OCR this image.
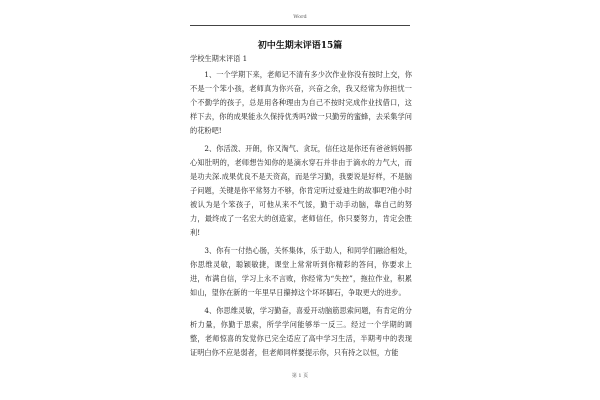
Word
初中生期末评语15篇
学校生期末评语 1

1、一个学期下来，老师记不清有多少次作业你没有按时上交，你不是一个笨小孩，老师真为你兴奋，兴奋之余，我又经常为你担忧一个不勤学的孩子，总是用各种理由为自己不按时完成作业找借口，这样下去，你的成果能永久保持优秀吗?做一只勤劳的蜜蜂，去采集学问的花粉吧!

2、你活泼、开朗，你又淘气、贪玩，信任这是你还有爸爸妈妈都心知肚明的，老师想告知你的是滴水穿石并非由于滴水的力气大，而是功夫深.成果优良不是天资高，而是学习勤，我要说是好样，不是脑子问题，关键是你平常努力不够，你肯定听过爱迪生的故事吧?他小时被认为是个笨孩子，可他从来不气馁，勤于动手动脑，靠自己的努力，最终成了一名宏大的创造家，老师信任，你只要努力，肯定会胜利!

3、你有一付热心肠，关怀集体，乐于助人，和同学们融洽相处，你思维灵敏，聪颖敏捷，课堂上常常听到你精彩的答问，你要求上进，布满自信，学习上永不言败，你经常为“失控”，拖拉作业，积累如山，望你在新的一年里早日攥掉这个坏坏脚石，争取更大的进步。

4、你思维灵敏，学习勤奋，喜爱开动脑筋思索问题，有肯定的分析力量，你勤于思索，所学学问能够举一反三。经过一个学期的调整，老师惊喜的发觉你已完全适应了高中学习生活，半期考中的表现证明白你不应是弱者，但老师同样要提示你，只有持之以恒，方能

第 1 页
